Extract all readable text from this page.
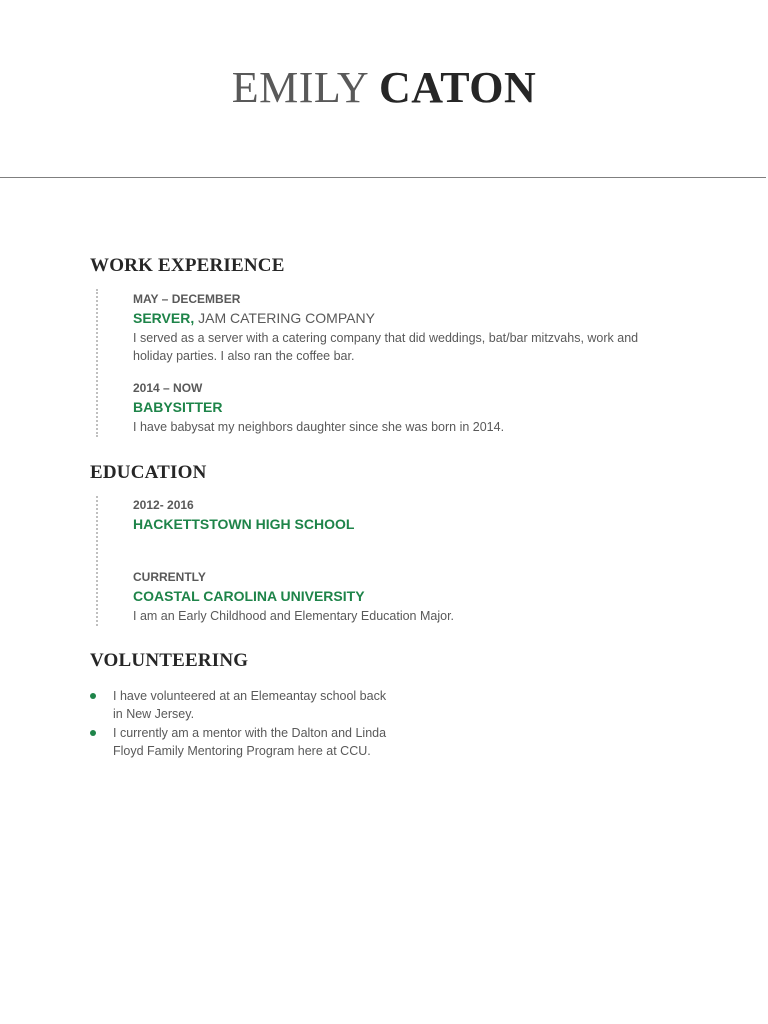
EMILY CATON
WORK EXPERIENCE
MAY – DECEMBER
SERVER, JAM CATERING COMPANY
I served as a server with a catering company that did weddings, bat/bar mitzvahs, work and holiday parties. I also ran the coffee bar.
2014 – NOW
BABYSITTER
I have babysat my neighbors daughter since she was born in 2014.
EDUCATION
2012- 2016
HACKETTSTOWN HIGH SCHOOL
CURRENTLY
COASTAL CAROLINA UNIVERSITY
I am an Early Childhood and Elementary Education Major.
VOLUNTEERING
I have volunteered at an Elemeantay school back in New Jersey.
I currently am a mentor with the Dalton and Linda Floyd Family Mentoring Program here at CCU.
